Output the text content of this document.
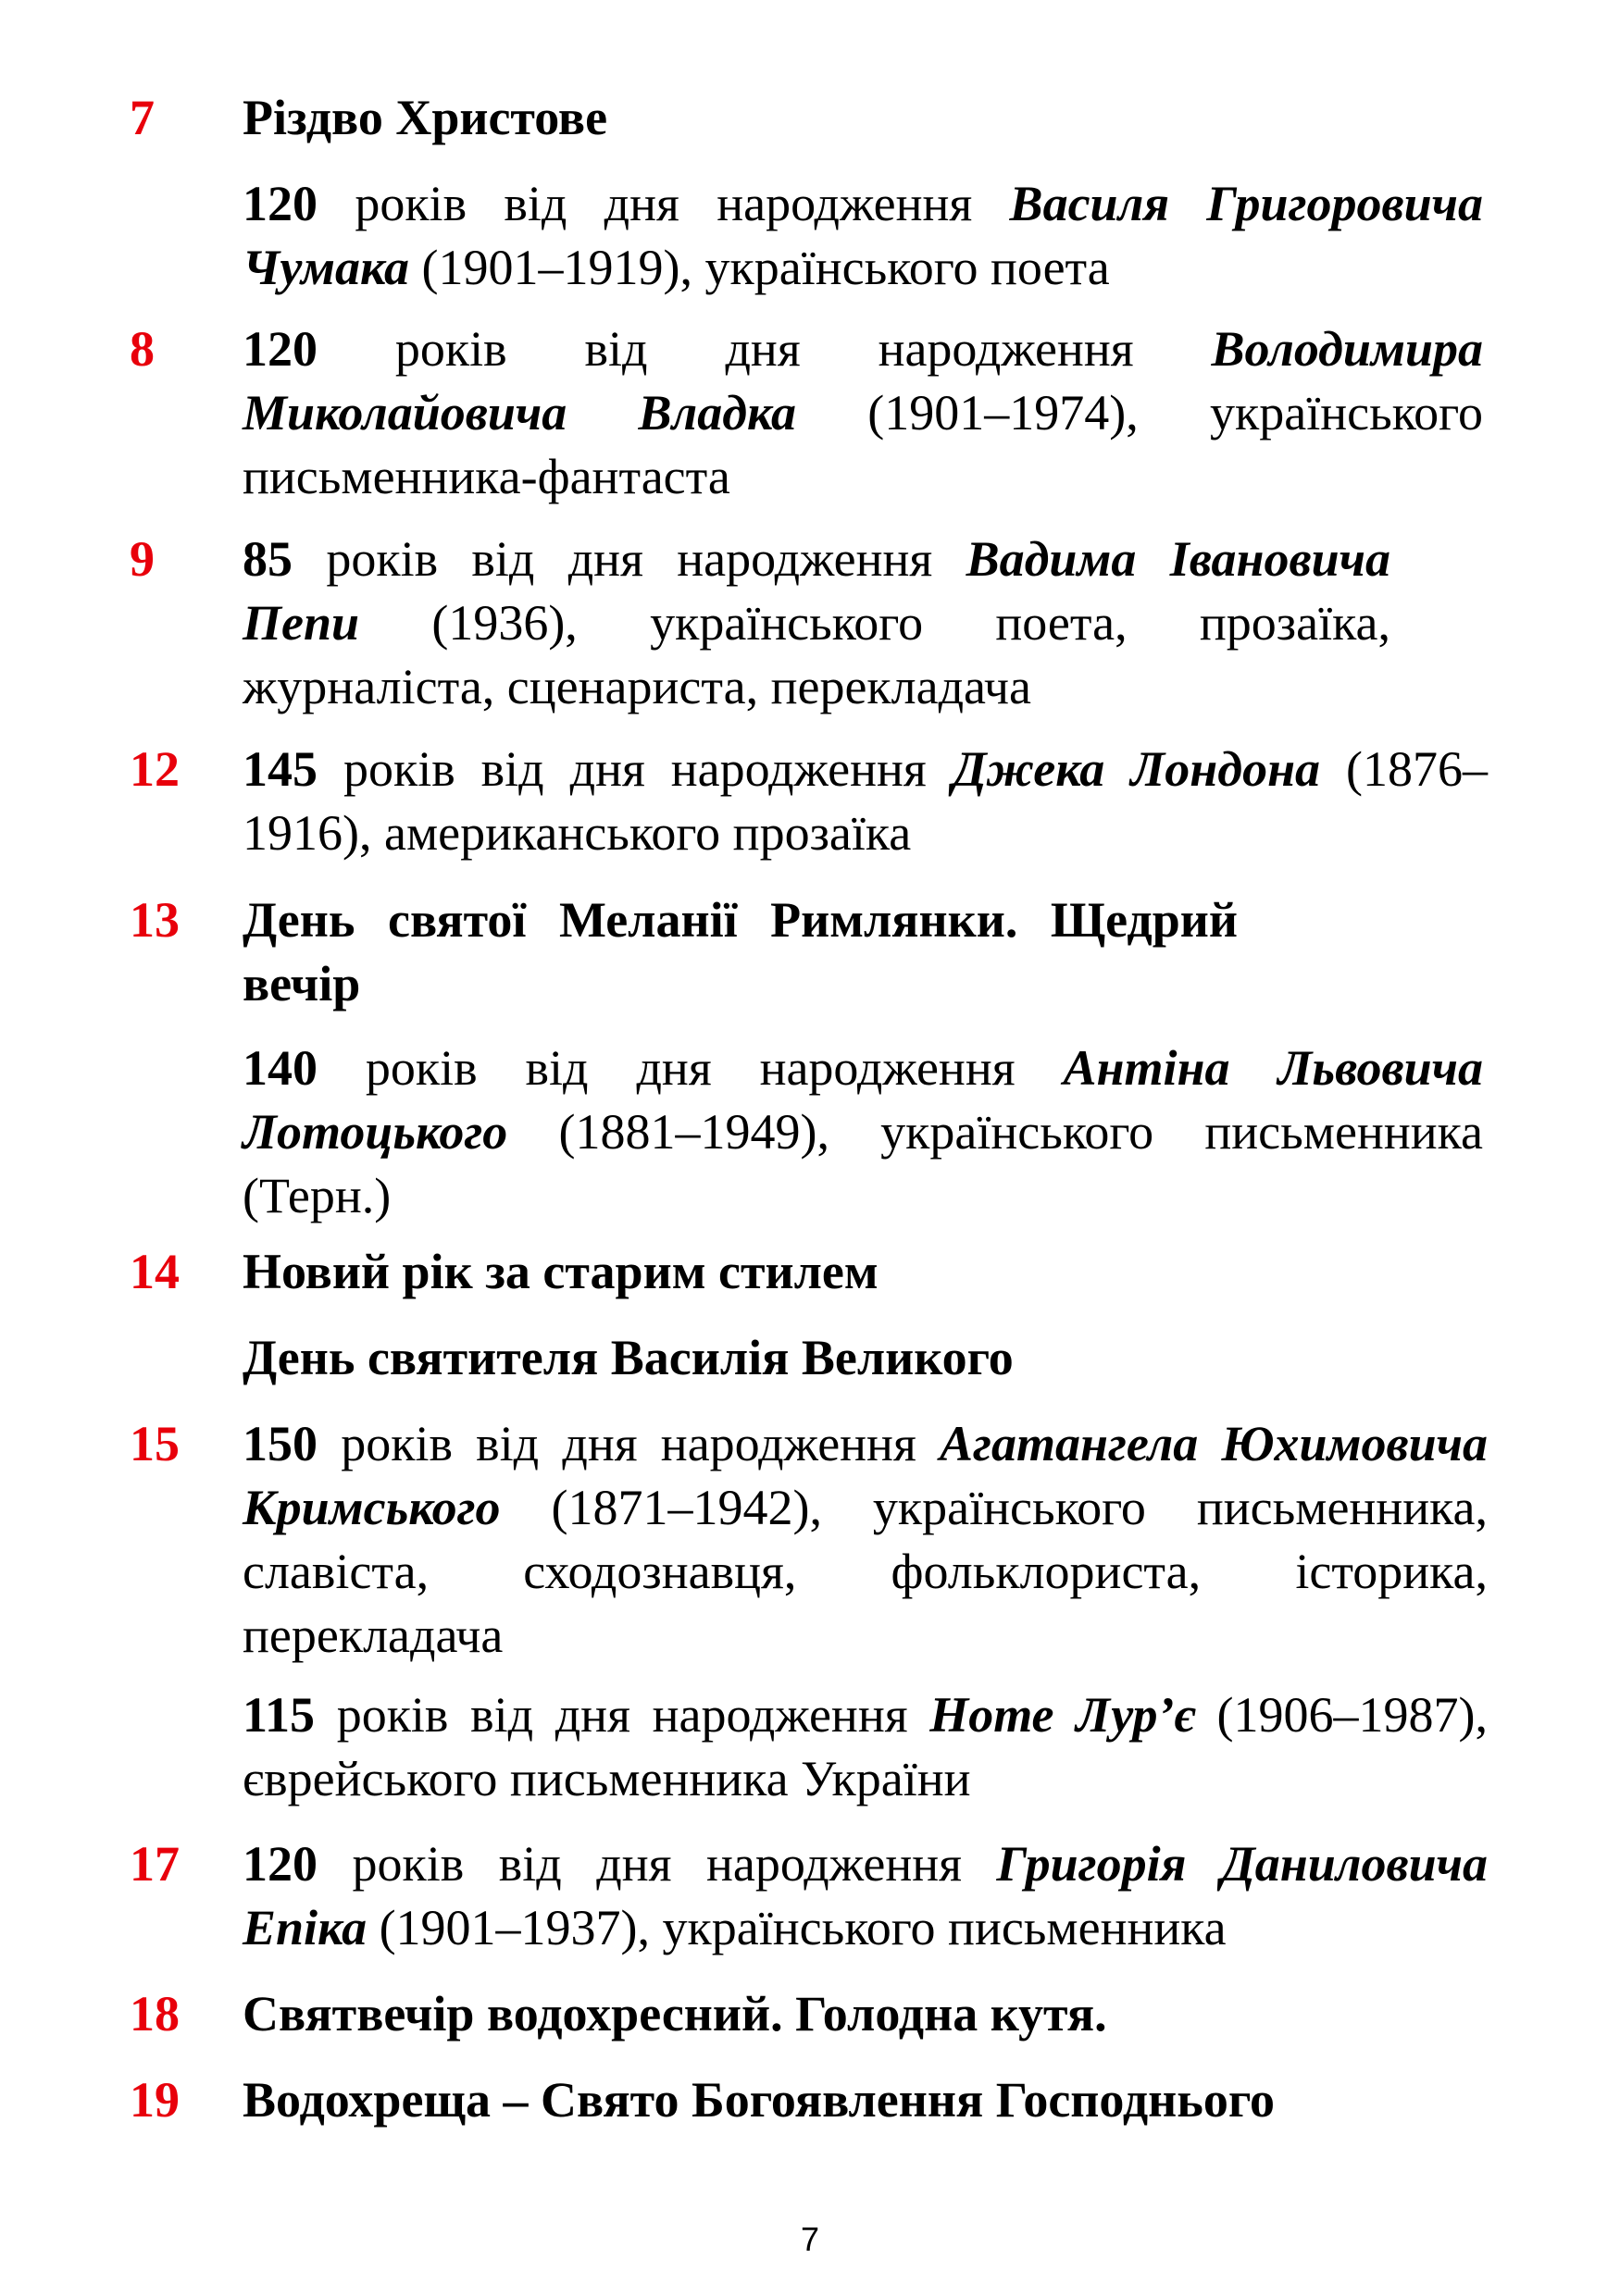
7 Різдво Христове

120 років від дня народження Василя Григоровича Чумака (1901–1919), українського поета

8 120 років від дня народження Володимира Миколайовича Владка (1901–1974), українського письменника-фантаста

9 85 років від дня народження Вадима Івановича Пепи (1936), українського поета, прозаїка, журналіста, сценариста, перекладача

12 145 років від дня народження Джека Лондона (1876–1916), американського прозаїка

13 День святої Меланії Римлянки. Щедрий вечір

140 років від дня народження Антіна Львовича Лотоцького (1881–1949), українського письменника (Терн.)

14 Новий рік за старим стилем

День святителя Василія Великого

15 150 років від дня народження Агатангела Юхимовича Кримського (1871–1942), українського письменника, славіста, сходознавця, фольклориста, історика, перекладача

115 років від дня народження Ноте Лур’є (1906–1987), єврейського письменника України

17 120 років від дня народження Григорія Даниловича Епіка (1901–1937), українського письменника

18 Святвечір водохресний. Голодна кутя.

19 Водохреща – Свято Богоявлення Господнього

7
